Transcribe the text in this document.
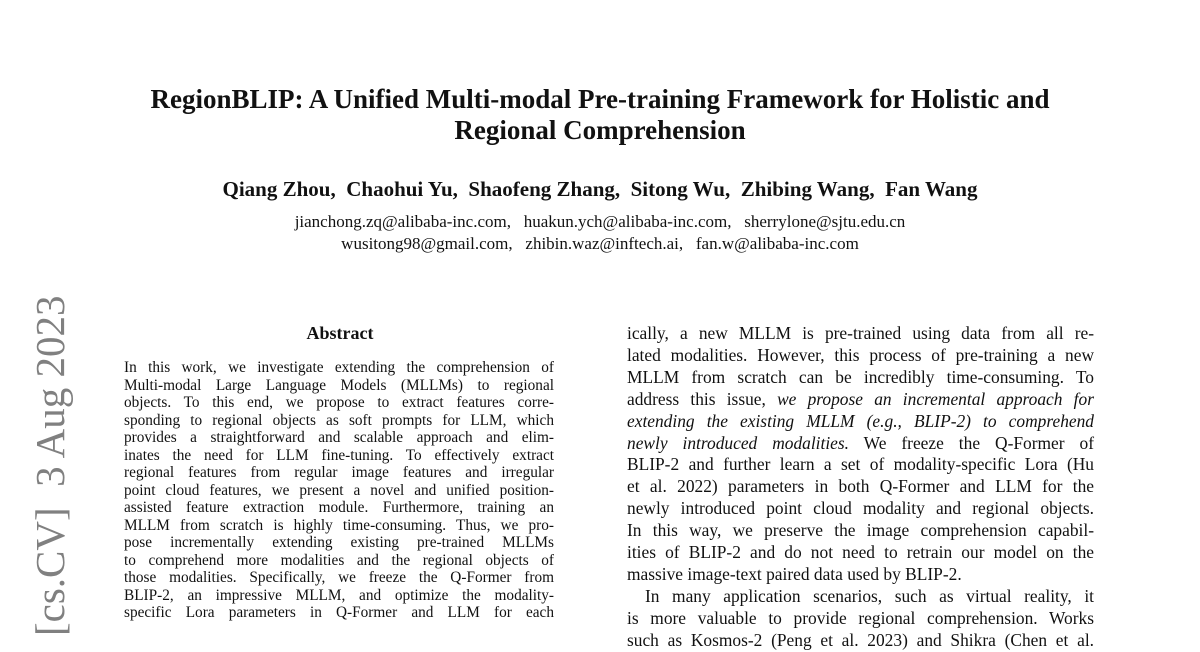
RegionBLIP: A Unified Multi-modal Pre-training Framework for Holistic and
Regional Comprehension
Qiang Zhou,  Chaohui Yu,  Shaofeng Zhang,  Sitong Wu,  Zhibing Wang,  Fan Wang
jianchong.zq@alibaba-inc.com,   huakun.ych@alibaba-inc.com,   sherrylone@sjtu.edu.cn
wusitong98@gmail.com,   zhibin.waz@inftech.ai,   fan.w@alibaba-inc.com
[cs.CV]  3 Aug 2023	Abstract
In this work, we investigate extending the comprehension of
Multi-modal Large Language Models (MLLMs) to regional
objects. To this end, we propose to extract features corre-
sponding to regional objects as soft prompts for LLM, which
provides a straightforward and scalable approach and elim-
inates the need for LLM fine-tuning. To effectively extract
regional features from regular image features and irregular
point cloud features, we present a novel and unified position-
assisted feature extraction module. Furthermore, training an
MLLM from scratch is highly time-consuming. Thus, we pro-
pose incrementally extending existing pre-trained MLLMs
to comprehend more modalities and the regional objects of
those modalities. Specifically, we freeze the Q-Former from
BLIP-2, an impressive MLLM, and optimize the modality-
specific Lora parameters in Q-Former and LLM for each
ically, a new MLLM is pre-trained using data from all re-
lated modalities. However, this process of pre-training a new
MLLM from scratch can be incredibly time-consuming. To
address this issue, we propose an incremental approach for
extending the existing MLLM (e.g., BLIP-2) to comprehend
newly introduced modalities. We freeze the Q-Former of
BLIP-2 and further learn a set of modality-specific Lora (Hu
et al. 2022) parameters in both Q-Former and LLM for the
newly introduced point cloud modality and regional objects.
In this way, we preserve the image comprehension capabil-
ities of BLIP-2 and do not need to retrain our model on the
massive image-text paired data used by BLIP-2.
In many application scenarios, such as virtual reality, it
is more valuable to provide regional comprehension. Works
such as Kosmos-2 (Peng et al. 2023) and Shikra (Chen et al.
